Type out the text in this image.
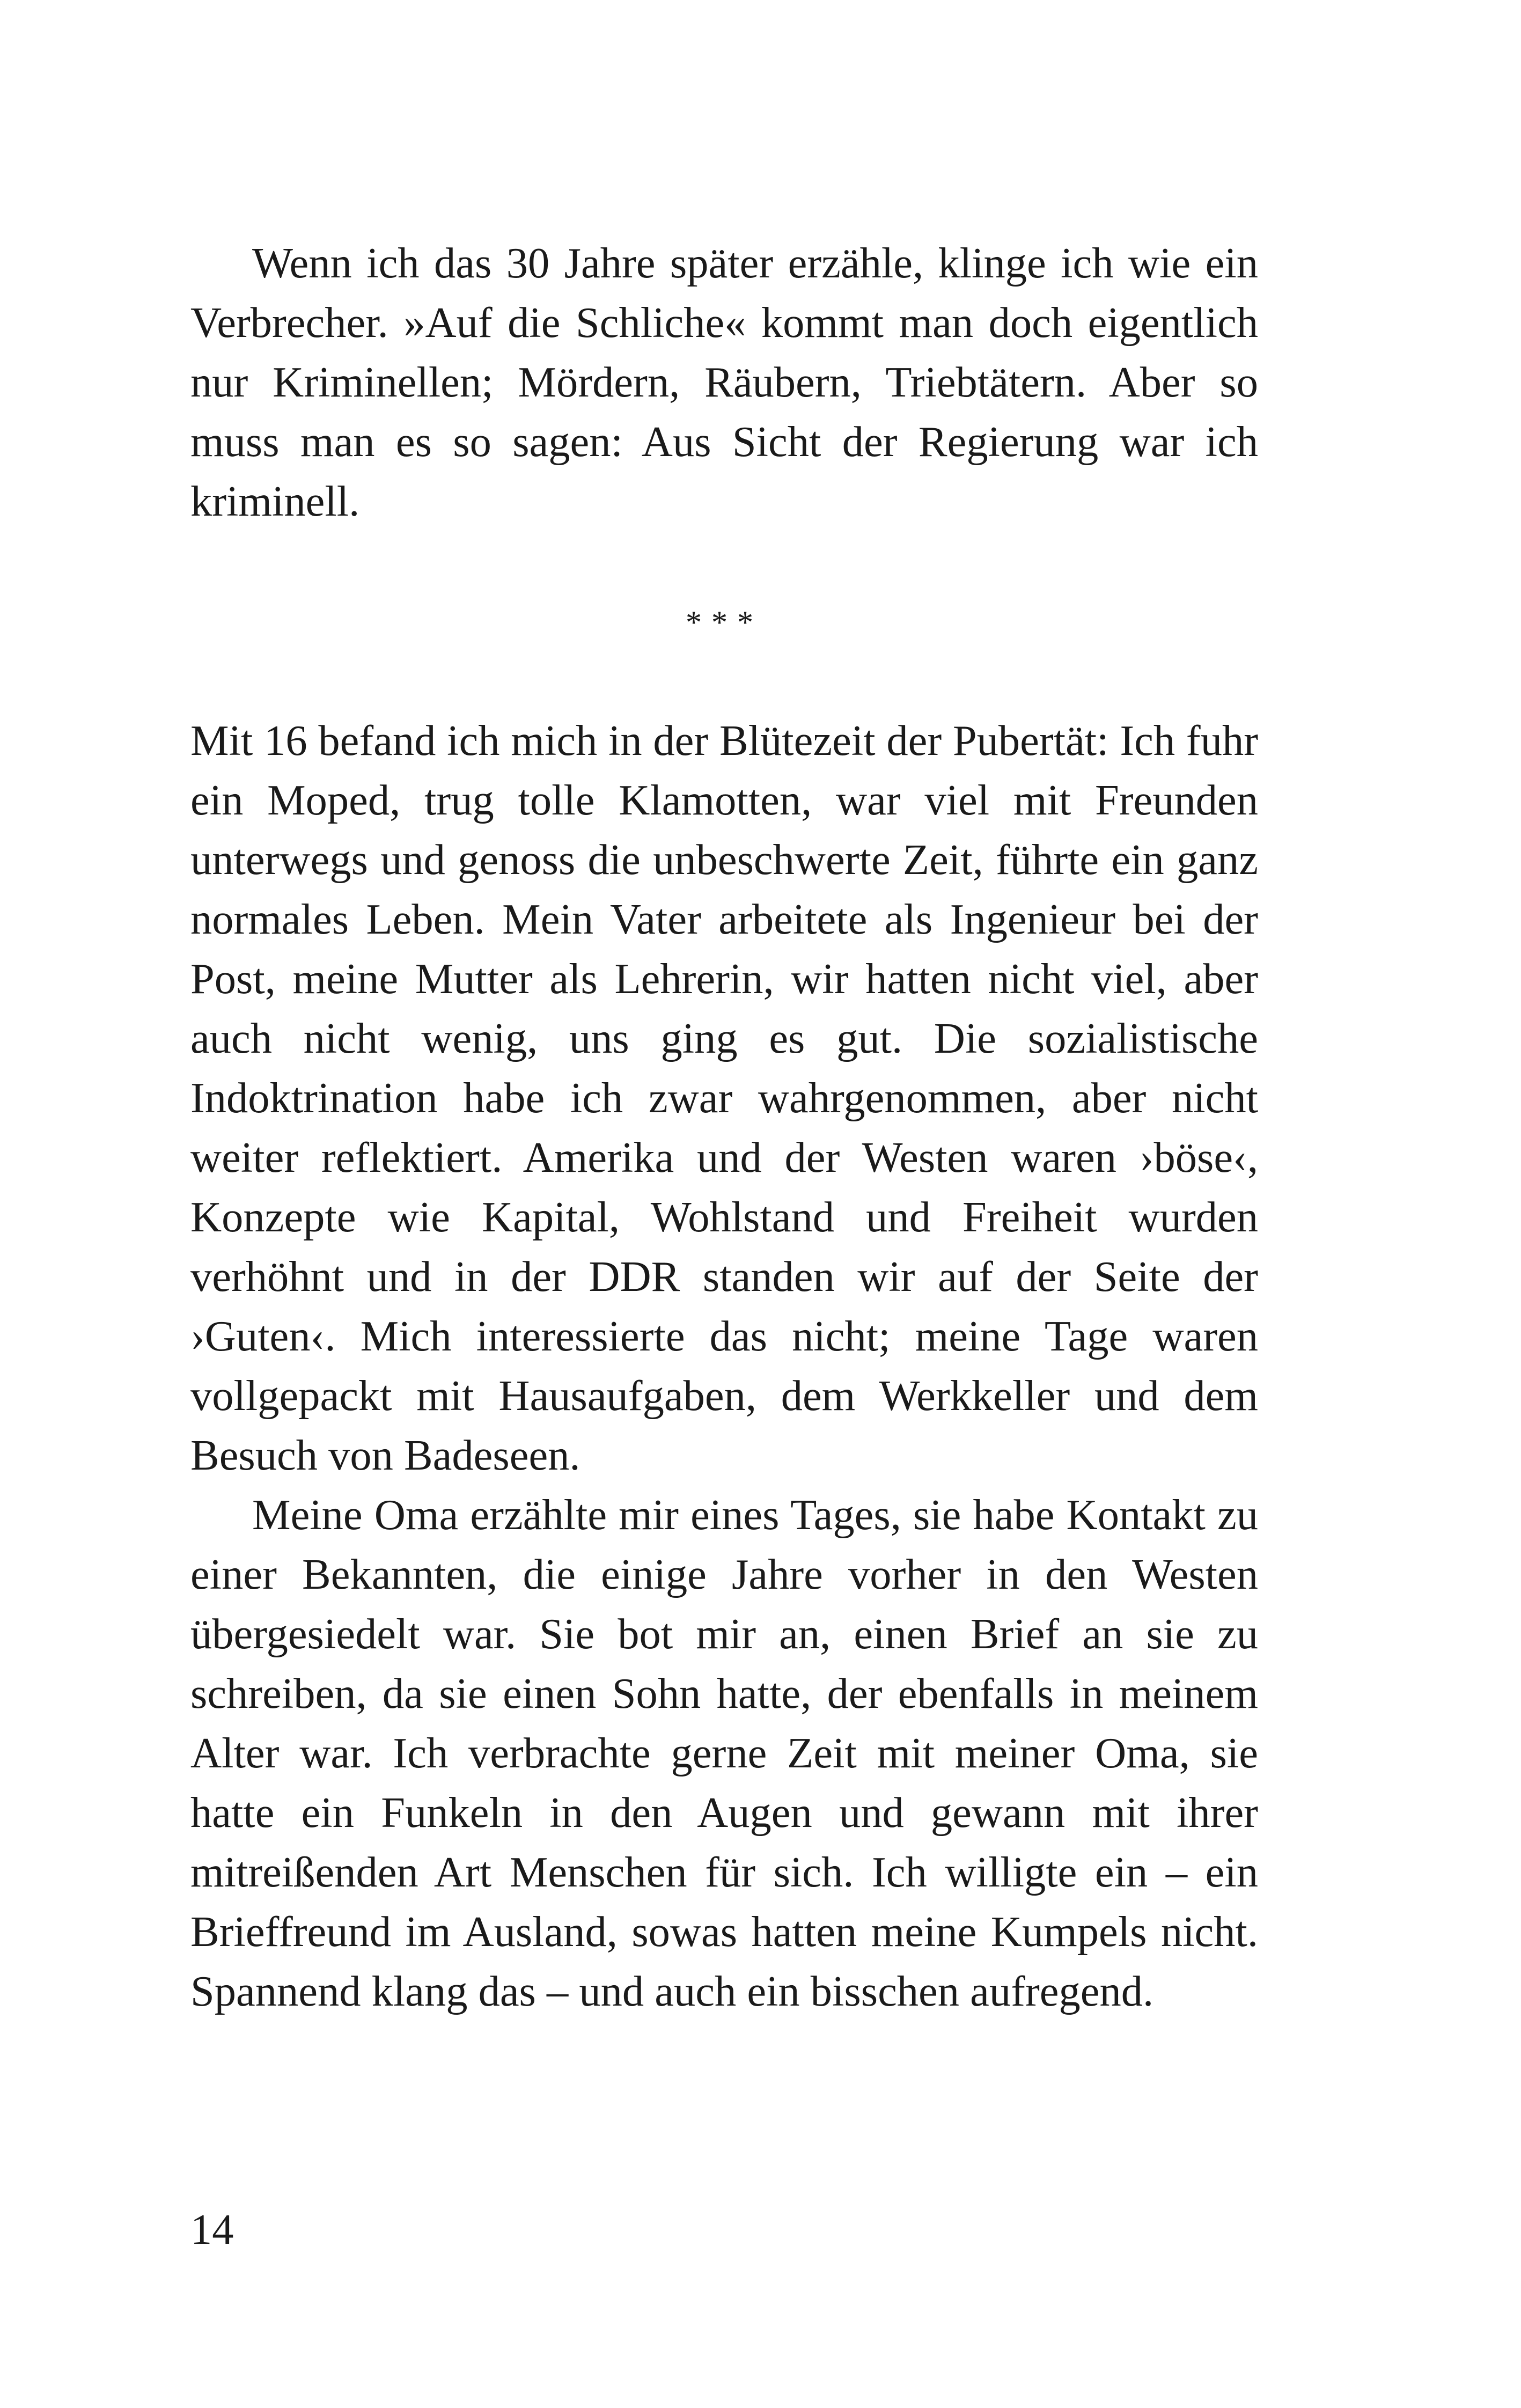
Wenn ich das 30 Jahre später erzähle, klinge ich wie ein Verbrecher. »Auf die Schliche« kommt man doch eigentlich nur Kriminellen; Mördern, Räubern, Triebtätern. Aber so muss man es so sagen: Aus Sicht der Regierung war ich kriminell.

***

Mit 16 befand ich mich in der Blütezeit der Pubertät: Ich fuhr ein Moped, trug tolle Klamotten, war viel mit Freunden unterwegs und genoss die unbeschwerte Zeit, führte ein ganz normales Leben. Mein Vater arbeitete als Ingenieur bei der Post, meine Mutter als Lehrerin, wir hatten nicht viel, aber auch nicht wenig, uns ging es gut. Die sozialistische Indoktrination habe ich zwar wahrgenommen, aber nicht weiter reflektiert. Amerika und der Westen waren ›böse‹, Konzepte wie Kapital, Wohlstand und Freiheit wurden verhöhnt und in der DDR standen wir auf der Seite der ›Guten‹. Mich interessierte das nicht; meine Tage waren vollgepackt mit Hausaufgaben, dem Werkkeller und dem Besuch von Badeseen.

Meine Oma erzählte mir eines Tages, sie habe Kontakt zu einer Bekannten, die einige Jahre vorher in den Westen übergesiedelt war. Sie bot mir an, einen Brief an sie zu schreiben, da sie einen Sohn hatte, der ebenfalls in meinem Alter war. Ich verbrachte gerne Zeit mit meiner Oma, sie hatte ein Funkeln in den Augen und gewann mit ihrer mitreißenden Art Menschen für sich. Ich willigte ein – ein Brieffreund im Ausland, sowas hatten meine Kumpels nicht. Spannend klang das – und auch ein bisschen aufregend.

14
